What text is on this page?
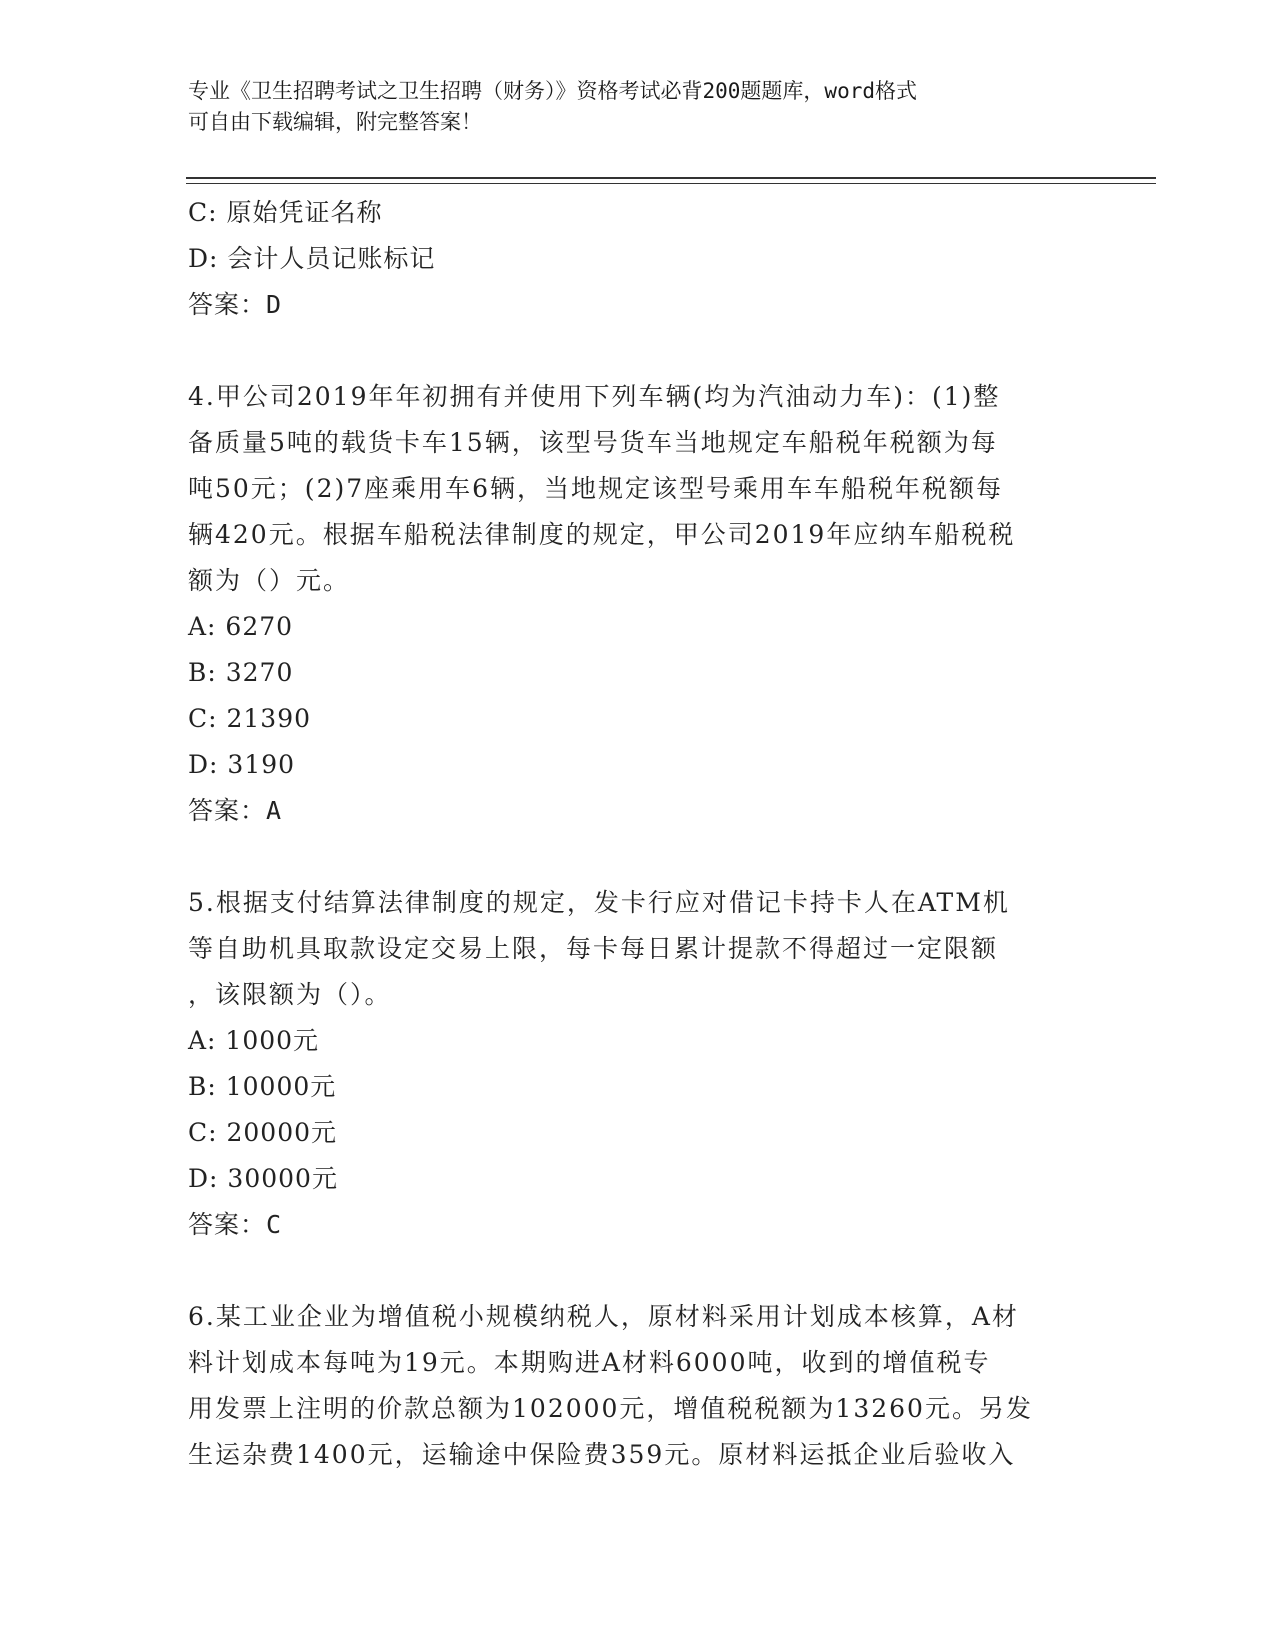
专业《卫生招聘考试之卫生招聘（财务）》资格考试必背200题题库，word格式
可自由下载编辑，附完整答案！
C: 原始凭证名称
D: 会计人员记账标记
答案：D
4.甲公司2019年年初拥有并使用下列车辆(均为汽油动力车)：(1)整
备质量5吨的载货卡车15辆，该型号货车当地规定车船税年税额为每
吨50元；(2)7座乘用车6辆，当地规定该型号乘用车车船税年税额每
辆420元。根据车船税法律制度的规定，甲公司2019年应纳车船税税
额为（）元。
A: 6270
B: 3270
C: 21390
D: 3190
答案：A
5.根据支付结算法律制度的规定，发卡行应对借记卡持卡人在ATM机
等自助机具取款设定交易上限，每卡每日累计提款不得超过一定限额
，该限额为（）。
A: 1000元
B: 10000元
C: 20000元
D: 30000元
答案：C
6.某工业企业为增值税小规模纳税人，原材料采用计划成本核算，A材
料计划成本每吨为19元。本期购进A材料6000吨，收到的增值税专
用发票上注明的价款总额为102000元，增值税税额为13260元。另发
生运杂费1400元，运输途中保险费359元。原材料运抵企业后验收入
